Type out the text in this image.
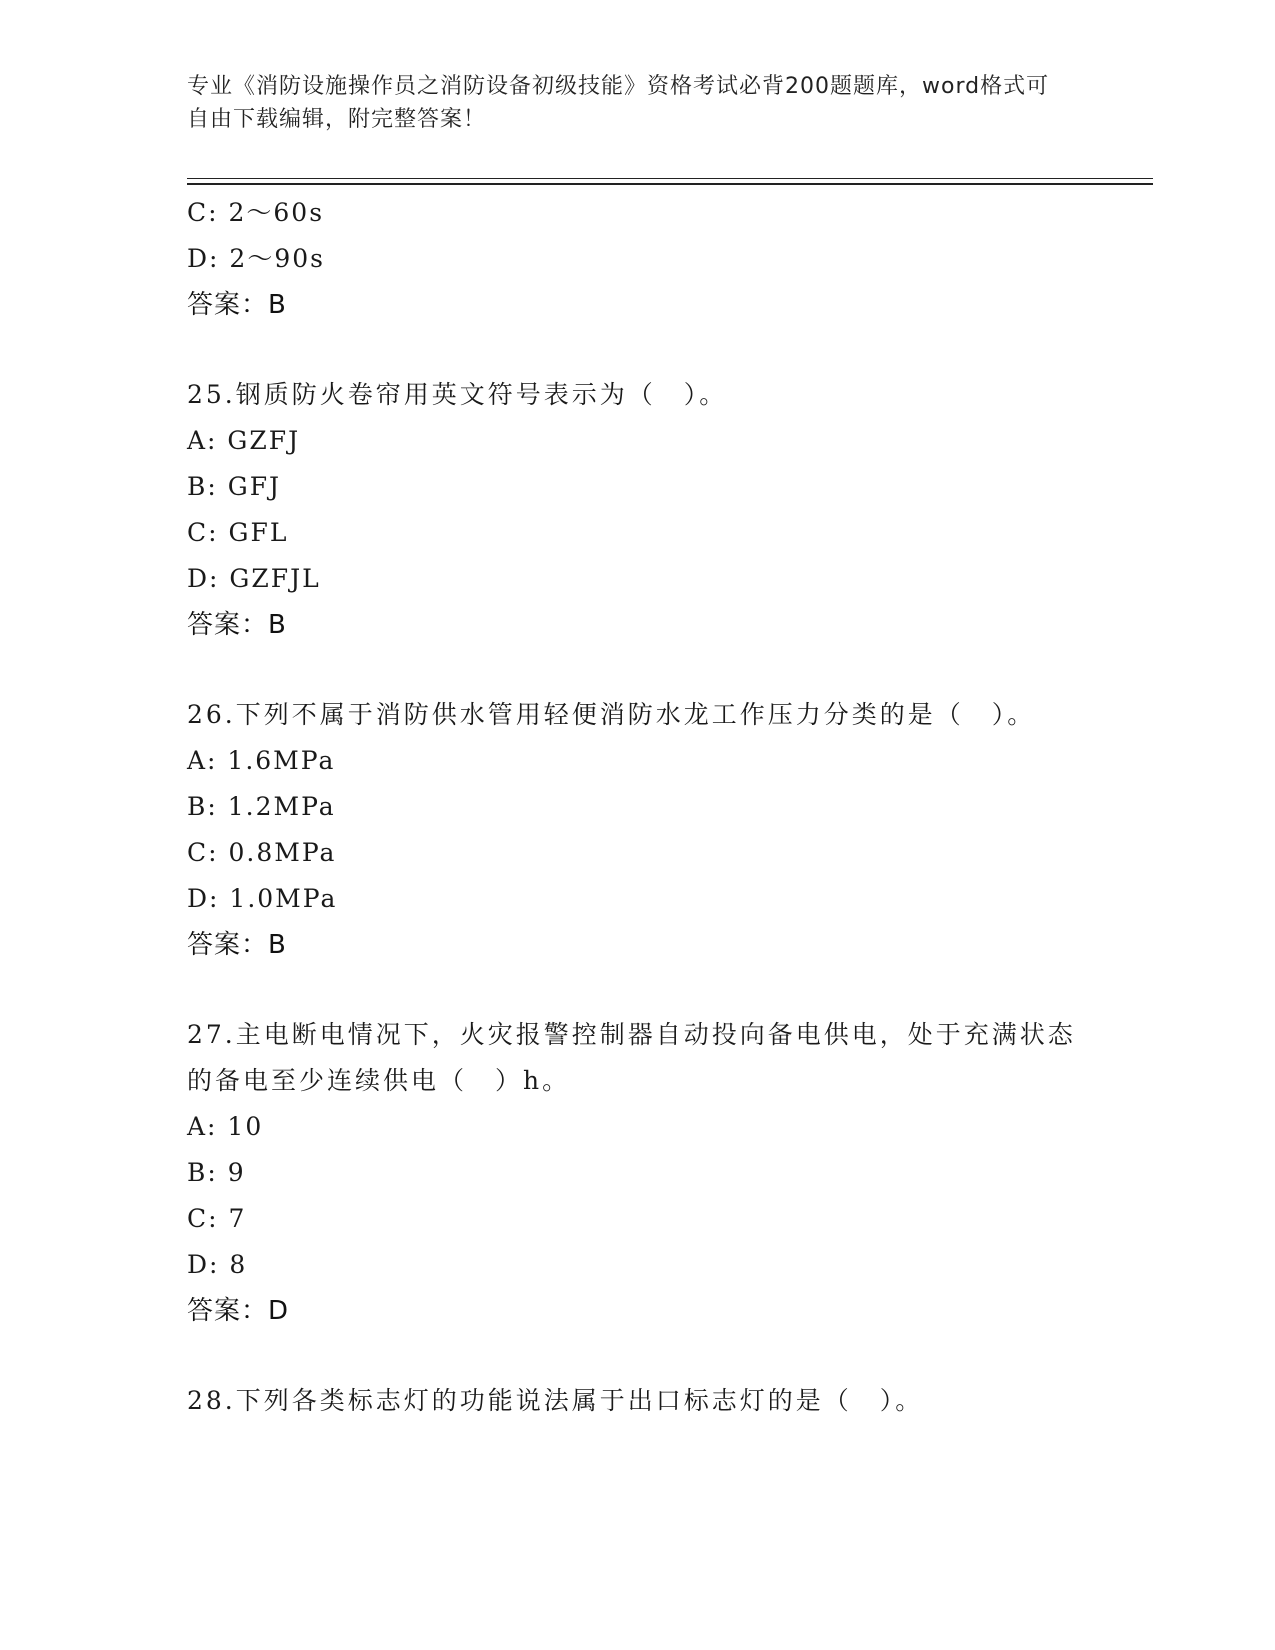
专业《消防设施操作员之消防设备初级技能》资格考试必背200题题库，word格式可自由下载编辑，附完整答案！
C: 2～60s
D: 2～90s
答案：B
25.钢质防火卷帘用英文符号表示为（　）。
A: GZFJ
B: GFJ
C: GFL
D: GZFJL
答案：B
26.下列不属于消防供水管用轻便消防水龙工作压力分类的是（　）。
A: 1.6MPa
B: 1.2MPa
C: 0.8MPa
D: 1.0MPa
答案：B
27.主电断电情况下，火灾报警控制器自动投向备电供电，处于充满状态的备电至少连续供电（　）h。
A: 10
B: 9
C: 7
D: 8
答案：D
28.下列各类标志灯的功能说法属于出口标志灯的是（　）。
